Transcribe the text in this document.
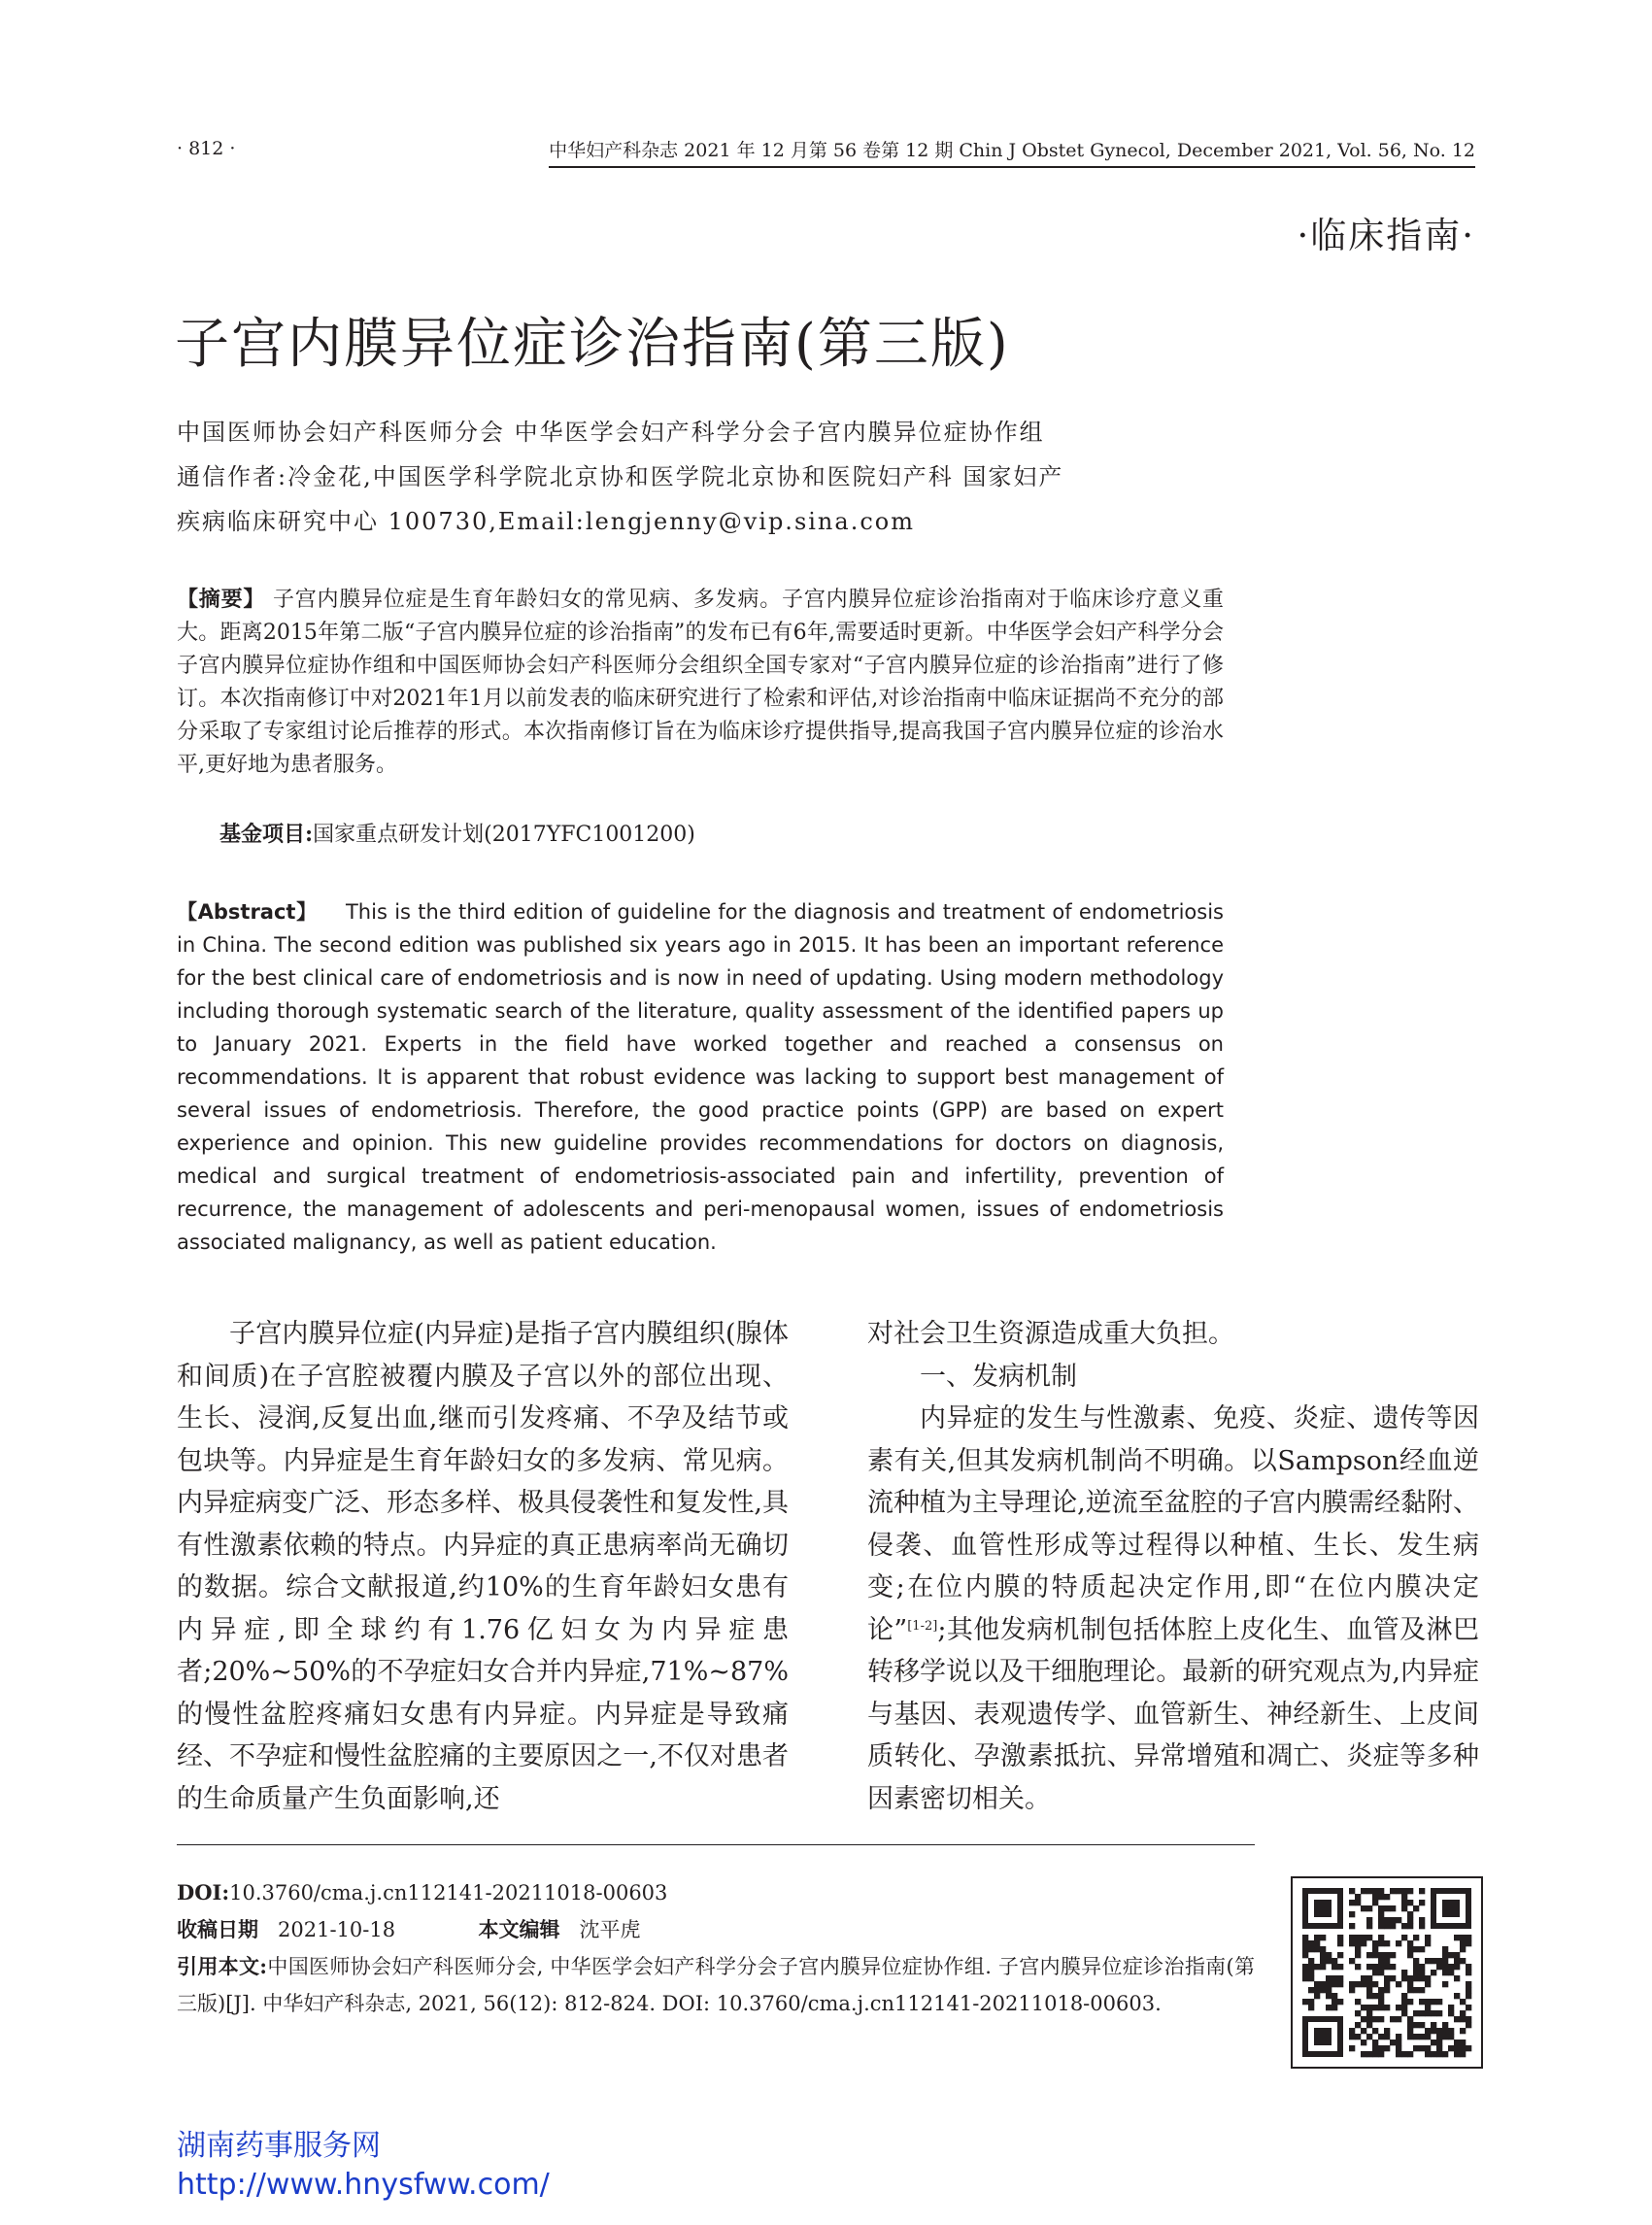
· 812 ·	中华妇产科杂志 2021 年 12 月第 56 卷第 12 期 Chin J Obstet Gynecol, December 2021, Vol. 56, No. 12
·临床指南·
子宫内膜异位症诊治指南(第三版)
中国医师协会妇产科医师分会 中华医学会妇产科学分会子宫内膜异位症协作组
通信作者:冷金花,中国医学科学院北京协和医学院北京协和医院妇产科 国家妇产
疾病临床研究中心 100730,Email:lengjenny@vip.sina.com
【摘要】 子宫内膜异位症是生育年龄妇女的常见病、多发病。子宫内膜异位症诊治指南对于临床诊疗意义重大。距离2015年第二版“子宫内膜异位症的诊治指南”的发布已有6年,需要适时更新。中华医学会妇产科学分会子宫内膜异位症协作组和中国医师协会妇产科医师分会组织全国专家对“子宫内膜异位症的诊治指南”进行了修订。本次指南修订中对2021年1月以前发表的临床研究进行了检索和评估,对诊治指南中临床证据尚不充分的部分采取了专家组讨论后推荐的形式。本次指南修订旨在为临床诊疗提供指导,提高我国子宫内膜异位症的诊治水平,更好地为患者服务。
基金项目:国家重点研发计划(2017YFC1001200)
【Abstract】 This is the third edition of guideline for the diagnosis and treatment of endometriosis in China. The second edition was published six years ago in 2015. It has been an important reference for the best clinical care of endometriosis and is now in need of updating. Using modern methodology including thorough systematic search of the literature, quality assessment of the identified papers up to January 2021. Experts in the field have worked together and reached a consensus on recommendations. It is apparent that robust evidence was lacking to support best management of several issues of endometriosis. Therefore, the good practice points (GPP) are based on expert experience and opinion. This new guideline provides recommendations for doctors on diagnosis, medical and surgical treatment of endometriosis-associated pain and infertility, prevention of recurrence, the management of adolescents and peri-menopausal women, issues of endometriosis associated malignancy, as well as patient education.

子宫内膜异位症(内异症)是指子宫内膜组织(腺体和间质)在子宫腔被覆内膜及子宫以外的部位出现、生长、浸润,反复出血,继而引发疼痛、不孕及结节或包块等。内异症是生育年龄妇女的多发病、常见病。内异症病变广泛、形态多样、极具侵袭性和复发性,具有性激素依赖的特点。内异症的真正患病率尚无确切的数据。综合文献报道,约10%的生育年龄妇女患有内异症,即全球约有1.76亿妇女为内异症患者;20%~50%的不孕症妇女合并内异症,71%~87%的慢性盆腔疼痛妇女患有内异症。内异症是导致痛经、不孕症和慢性盆腔痛的主要原因之一,不仅对患者的生命质量产生负面影响,还

对社会卫生资源造成重大负担。

一、发病机制

内异症的发生与性激素、免疫、炎症、遗传等因素有关,但其发病机制尚不明确。以Sampson经血逆流种植为主导理论,逆流至盆腔的子宫内膜需经黏附、侵袭、血管性形成等过程得以种植、生长、发生病变;在位内膜的特质起决定作用,即“在位内膜决定论”[1-2];其他发病机制包括体腔上皮化生、血管及淋巴转移学说以及干细胞理论。最新的研究观点为,内异症与基因、表观遗传学、血管新生、神经新生、上皮间质转化、孕激素抵抗、异常增殖和凋亡、炎症等多种因素密切相关。

DOI:10.3760/cma.j.cn112141-20211018-00603
收稿日期 2021-10-18	本文编辑 沈平虎
引用本文:中国医师协会妇产科医师分会, 中华医学会妇产科学分会子宫内膜异位症协作组. 子宫内膜异位症诊治指南(第三版)[J]. 中华妇产科杂志, 2021, 56(12): 812-824. DOI: 10.3760/cma.j.cn112141-20211018-00603.
湖南药事服务网
http://www.hnysfww.com/
